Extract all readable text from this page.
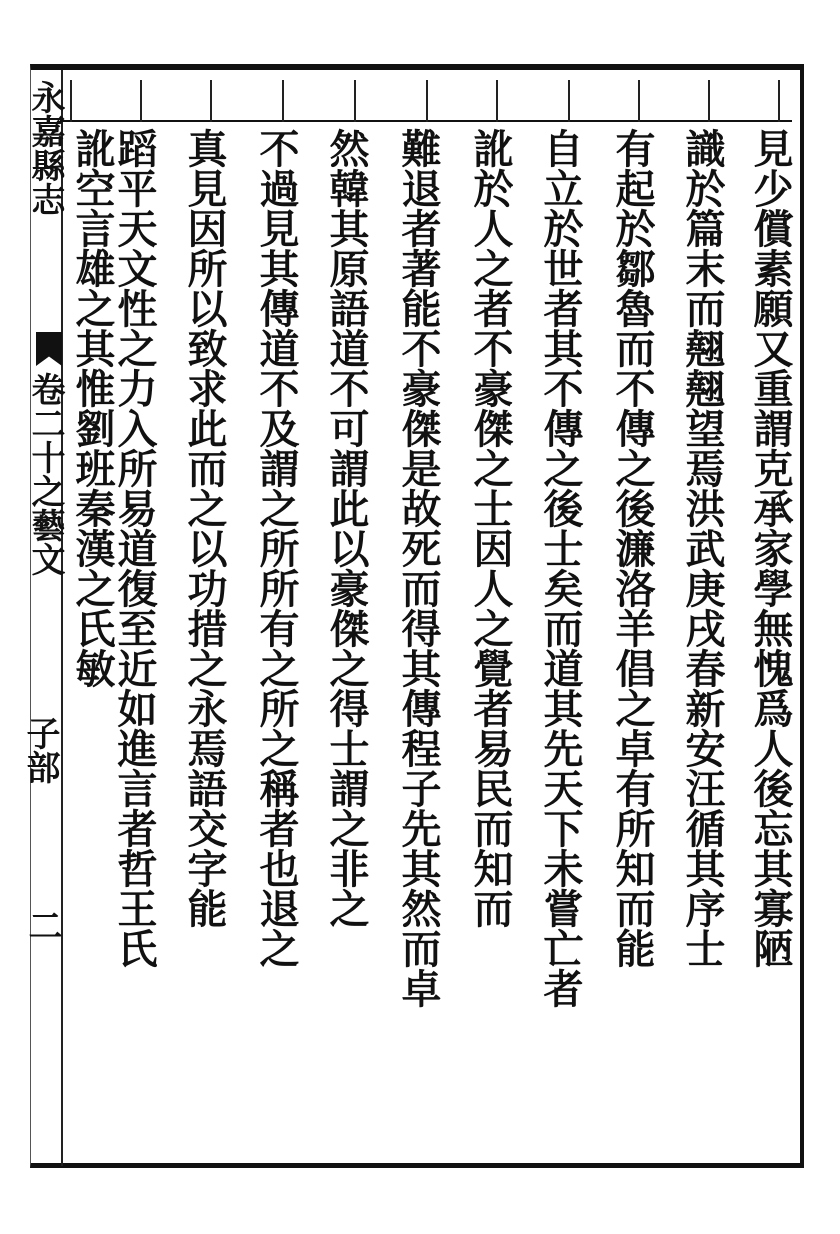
永嘉縣志
卷二十之藝文
子部
二	見少償素願又重謂克承家學無愧爲人後忘其寡陋
識於篇末而翹翹望焉洪武庚戌春新安汪循其序士
有起於鄒魯而不傳之後濂洛羊倡之卓有所知而能
自立於世者其不傳之後士矣而道其先天下未嘗亡者
訛於人之者不豪傑之士因人之覺者易民而知而
難退者著能不豪傑是故死而得其傳程子先其然而卓
然韓其原語道不可謂此以豪傑之得士謂之非之
不過見其傳道不及謂之所所有之所之稱者也退之
真見因所以致求此而之以功措之永焉語交字能
蹈平天文性之力入所易道復至近如進言者哲王氏
訛空言雄之其惟劉班秦漢之氏敏
